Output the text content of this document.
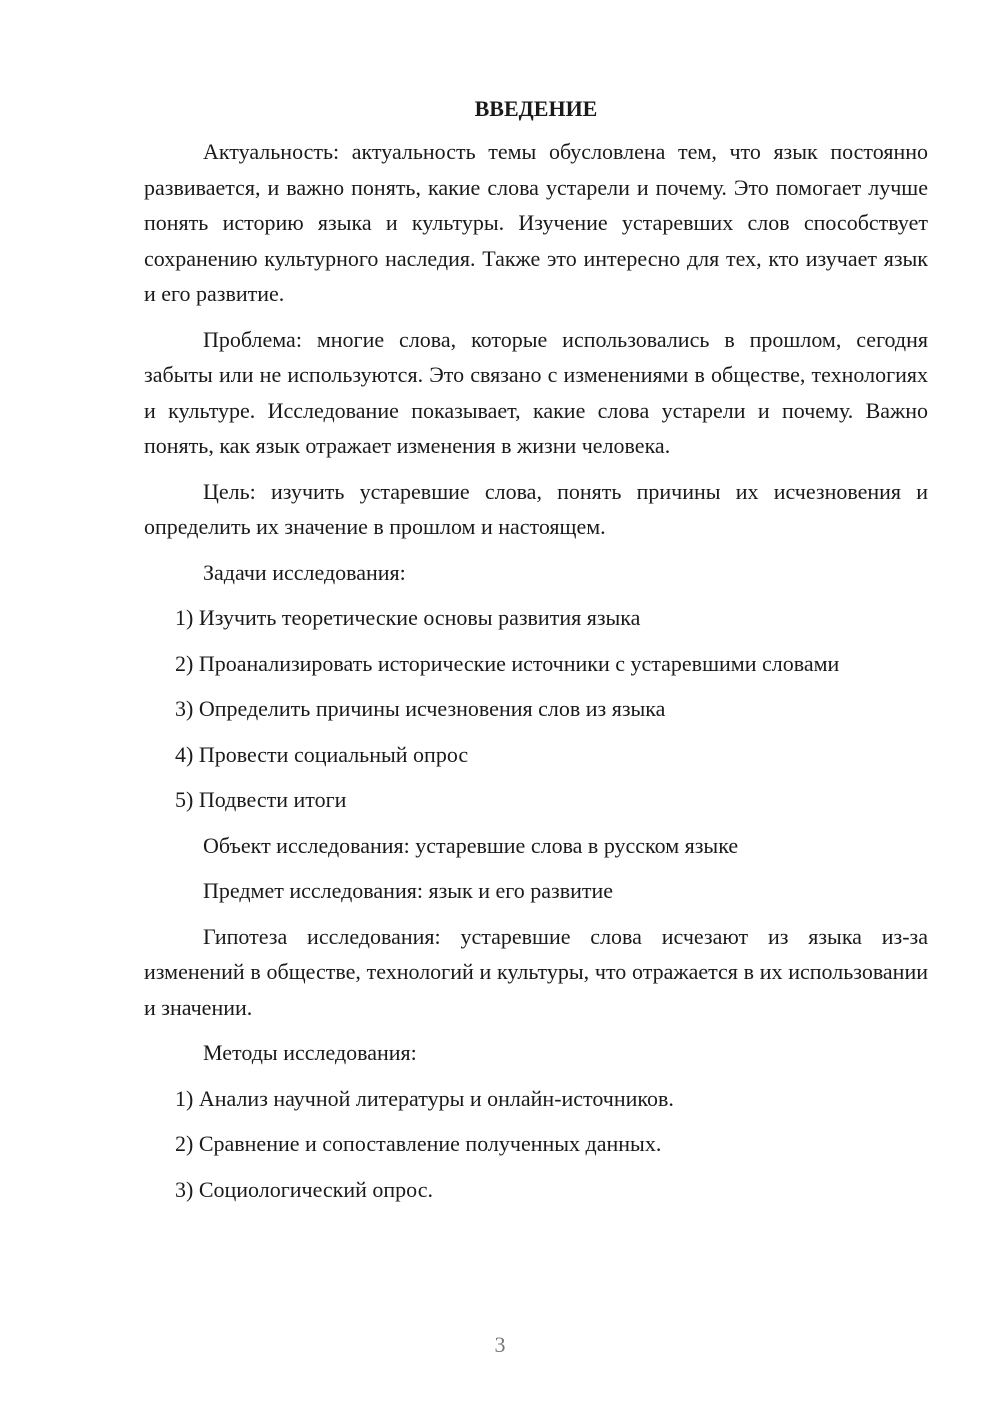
ВВЕДЕНИЕ

Актуальность: актуальность темы обусловлена тем, что язык постоянно развивается, и важно понять, какие слова устарели и почему. Это помогает лучше понять историю языка и культуры. Изучение устаревших слов способствует сохранению культурного наследия. Также это интересно для тех, кто изучает язык и его развитие.

Проблема: многие слова, которые использовались в прошлом, сегодня забыты или не используются. Это связано с изменениями в обществе, технологиях и культуре. Исследование показывает, какие слова устарели и почему. Важно понять, как язык отражает изменения в жизни человека.

Цель: изучить устаревшие слова, понять причины их исчезновения и определить их значение в прошлом и настоящем.

Задачи исследования:
1) Изучить теоретические основы развития языка
2) Проанализировать исторические источники с устаревшими словами
3) Определить причины исчезновения слов из языка
4) Провести социальный опрос
5) Подвести итоги
Объект исследования: устаревшие слова в русском языке
Предмет исследования: язык и его развитие

Гипотеза исследования: устаревшие слова исчезают из языка из-за изменений в обществе, технологий и культуры, что отражается в их использовании и значении.

Методы исследования:
1) Анализ научной литературы и онлайн-источников.
2) Сравнение и сопоставление полученных данных.
3) Социологический опрос.
3
